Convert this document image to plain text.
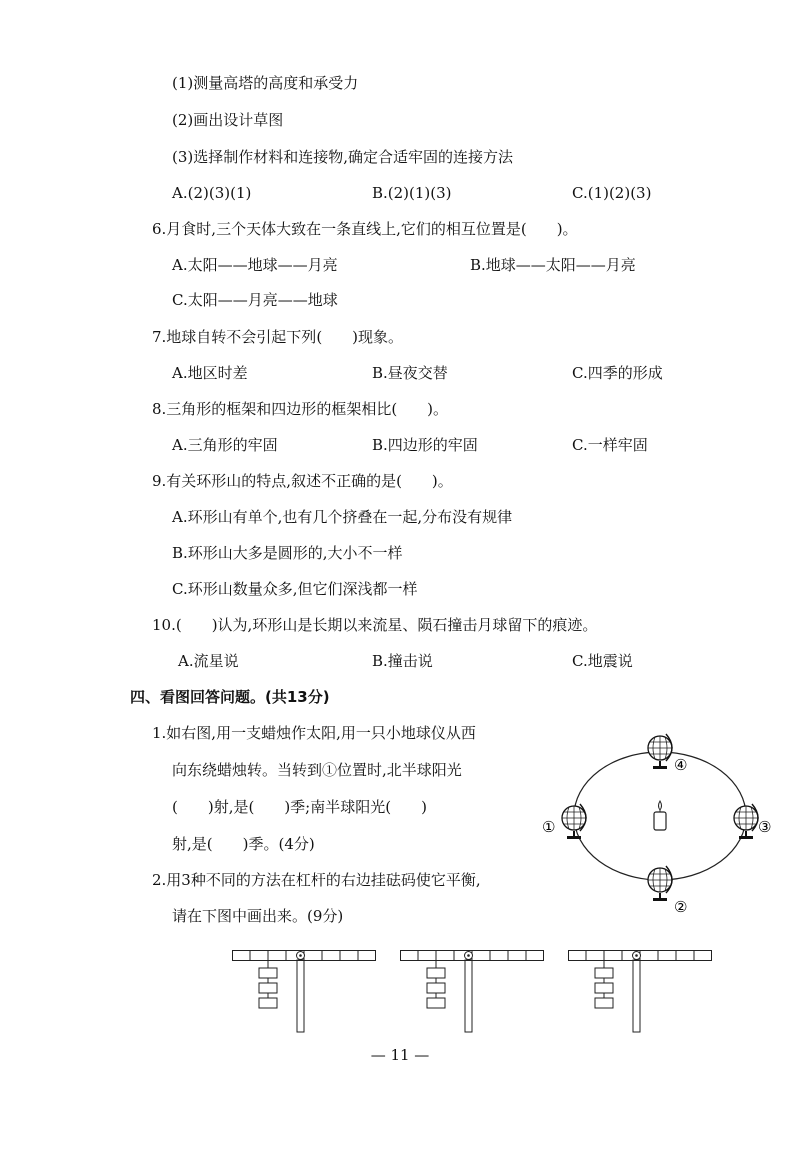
(1)测量高塔的高度和承受力
(2)画出设计草图
(3)选择制作材料和连接物,确定合适牢固的连接方法
A.(2)(3)(1)	B.(2)(1)(3)	C.(1)(2)(3)
6.月食时,三个天体大致在一条直线上,它们的相互位置是(　　)。
A.太阳——地球——月亮	B.地球——太阳——月亮
C.太阳——月亮——地球
7.地球自转不会引起下列(　　)现象。
A.地区时差	B.昼夜交替	C.四季的形成
8.三角形的框架和四边形的框架相比(　　)。
A.三角形的牢固	B.四边形的牢固	C.一样牢固
9.有关环形山的特点,叙述不正确的是(　　)。
A.环形山有单个,也有几个挤叠在一起,分布没有规律
B.环形山大多是圆形的,大小不一样
C.环形山数量众多,但它们深浅都一样
10.(　　)认为,环形山是长期以来流星、陨石撞击月球留下的痕迹。
A.流星说	B.撞击说	C.地震说
四、看图回答问题。(共13分)
1.如右图,用一支蜡烛作太阳,用一只小地球仪从西
向东绕蜡烛转。当转到①位置时,北半球阳光
(　　)射,是(　　)季;南半球阳光(　　)
射,是(　　)季。(4分)
2.用3种不同的方法在杠杆的右边挂砝码使它平衡,
请在下图中画出来。(9分)
①
②
③
④
— 11 —
